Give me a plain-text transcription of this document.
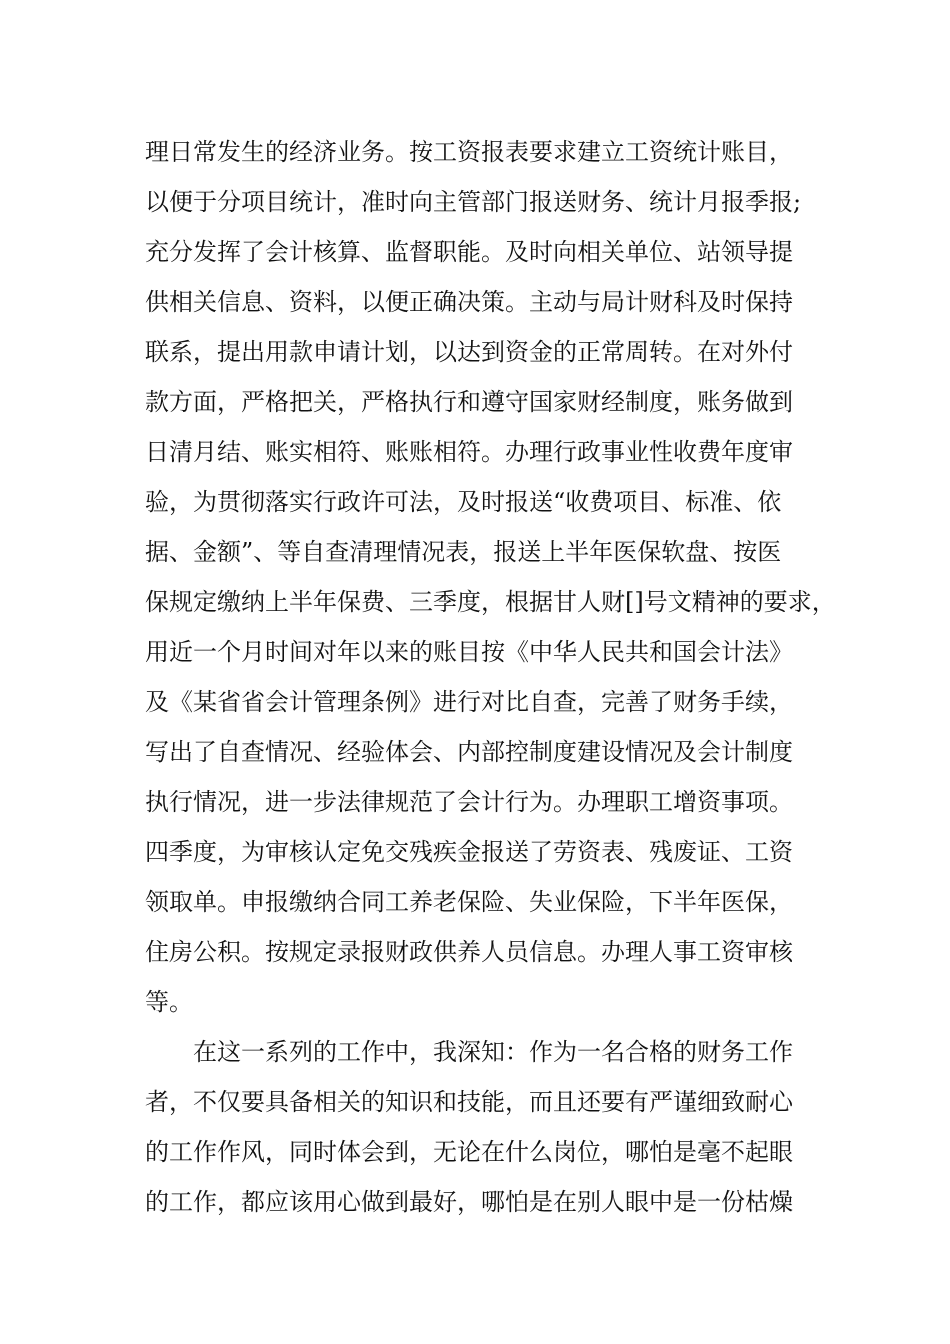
理日常发生的经济业务。按工资报表要求建立工资统计账目，
以便于分项目统计，准时向主管部门报送财务、统计月报季报;
充分发挥了会计核算、监督职能。及时向相关单位、站领导提
供相关信息、资料，以便正确决策。主动与局计财科及时保持
联系，提出用款申请计划，以达到资金的正常周转。在对外付
款方面，严格把关，严格执行和遵守国家财经制度，账务做到
日清月结、账实相符、账账相符。办理行政事业性收费年度审
验，为贯彻落实行政许可法，及时报送“收费项目、标准、依
据、金额”、等自查清理情况表，报送上半年医保软盘、按医
保规定缴纳上半年保费、三季度，根据甘人财[]号文精神的要求，
用近一个月时间对年以来的账目按《中华人民共和国会计法》
及《某省省会计管理条例》进行对比自查，完善了财务手续，
写出了自查情况、经验体会、内部控制度建设情况及会计制度
执行情况，进一步法律规范了会计行为。办理职工增资事项。
四季度，为审核认定免交残疾金报送了劳资表、残废证、工资
领取单。申报缴纳合同工养老保险、失业保险，下半年医保，
住房公积。按规定录报财政供养人员信息。办理人事工资审核
等。
在这一系列的工作中，我深知：作为一名合格的财务工作
者，不仅要具备相关的知识和技能，而且还要有严谨细致耐心
的工作作风，同时体会到，无论在什么岗位，哪怕是毫不起眼
的工作，都应该用心做到最好，哪怕是在别人眼中是一份枯燥
